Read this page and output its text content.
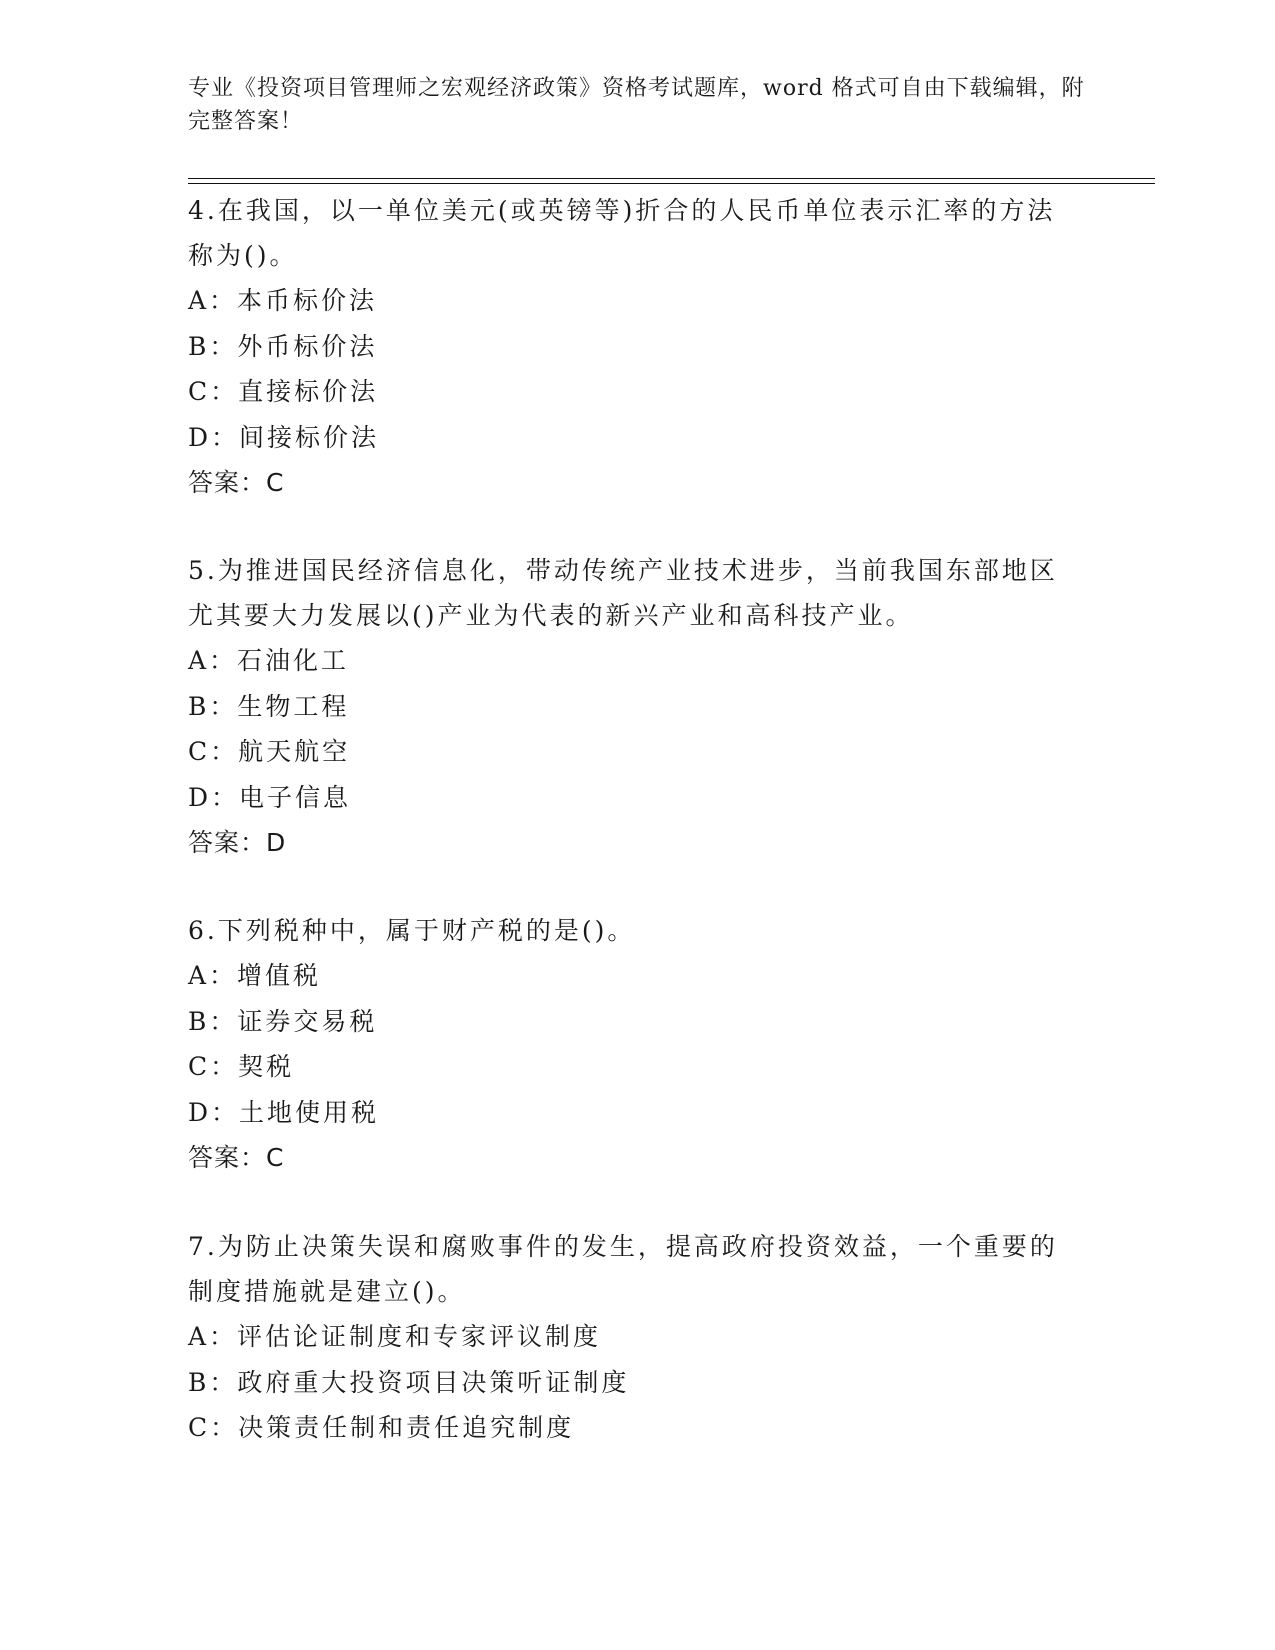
专业《投资项目管理师之宏观经济政策》资格考试题库，word 格式可自由下载编辑，附完整答案！

4.在我国，以一单位美元(或英镑等)折合的人民币单位表示汇率的方法称为()。

A：本币标价法

B：外币标价法

C：直接标价法

D：间接标价法

答案：C

5.为推进国民经济信息化，带动传统产业技术进步，当前我国东部地区尤其要大力发展以()产业为代表的新兴产业和高科技产业。

A：石油化工

B：生物工程

C：航天航空

D：电子信息

答案：D

6.下列税种中，属于财产税的是()。

A：增值税

B：证券交易税

C：契税

D：土地使用税

答案：C

7.为防止决策失误和腐败事件的发生，提高政府投资效益，一个重要的制度措施就是建立()。

A：评估论证制度和专家评议制度

B：政府重大投资项目决策听证制度

C：决策责任制和责任追究制度
